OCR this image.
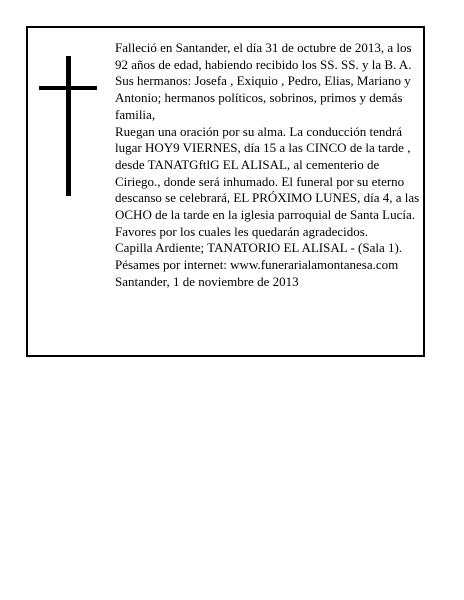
Falleció en Santander, el día 31 de octubre de 2013, a los 92 años de edad, habiendo recibido los SS. SS. y la B. A.

Sus hermanos: Josefa , Exiquio , Pedro, Elias, Mariano y Antonio; hermanos políticos, sobrinos, primos y demás familia,

Ruegan una oración por su alma. La conducción tendrá lugar HOY9 VIERNES, día 15 a las CINCO de la tarde , desde TANATGftlG EL ALISAL, al cementerio de Ciriego., donde será inhumado. El funeral por su eterno descanso se celebrará, EL PRÓXIMO LUNES, día 4, a las OCHO de la tarde en la iglesia parroquial de Santa Lucía. Favores por los cuales les quedarán agradecidos.

Capilla Ardiente; TANATORIO EL ALISAL - (Sala 1).

Pésames por internet: www.funerarialamontanesa.com

Santander, 1 de noviembre de 2013
